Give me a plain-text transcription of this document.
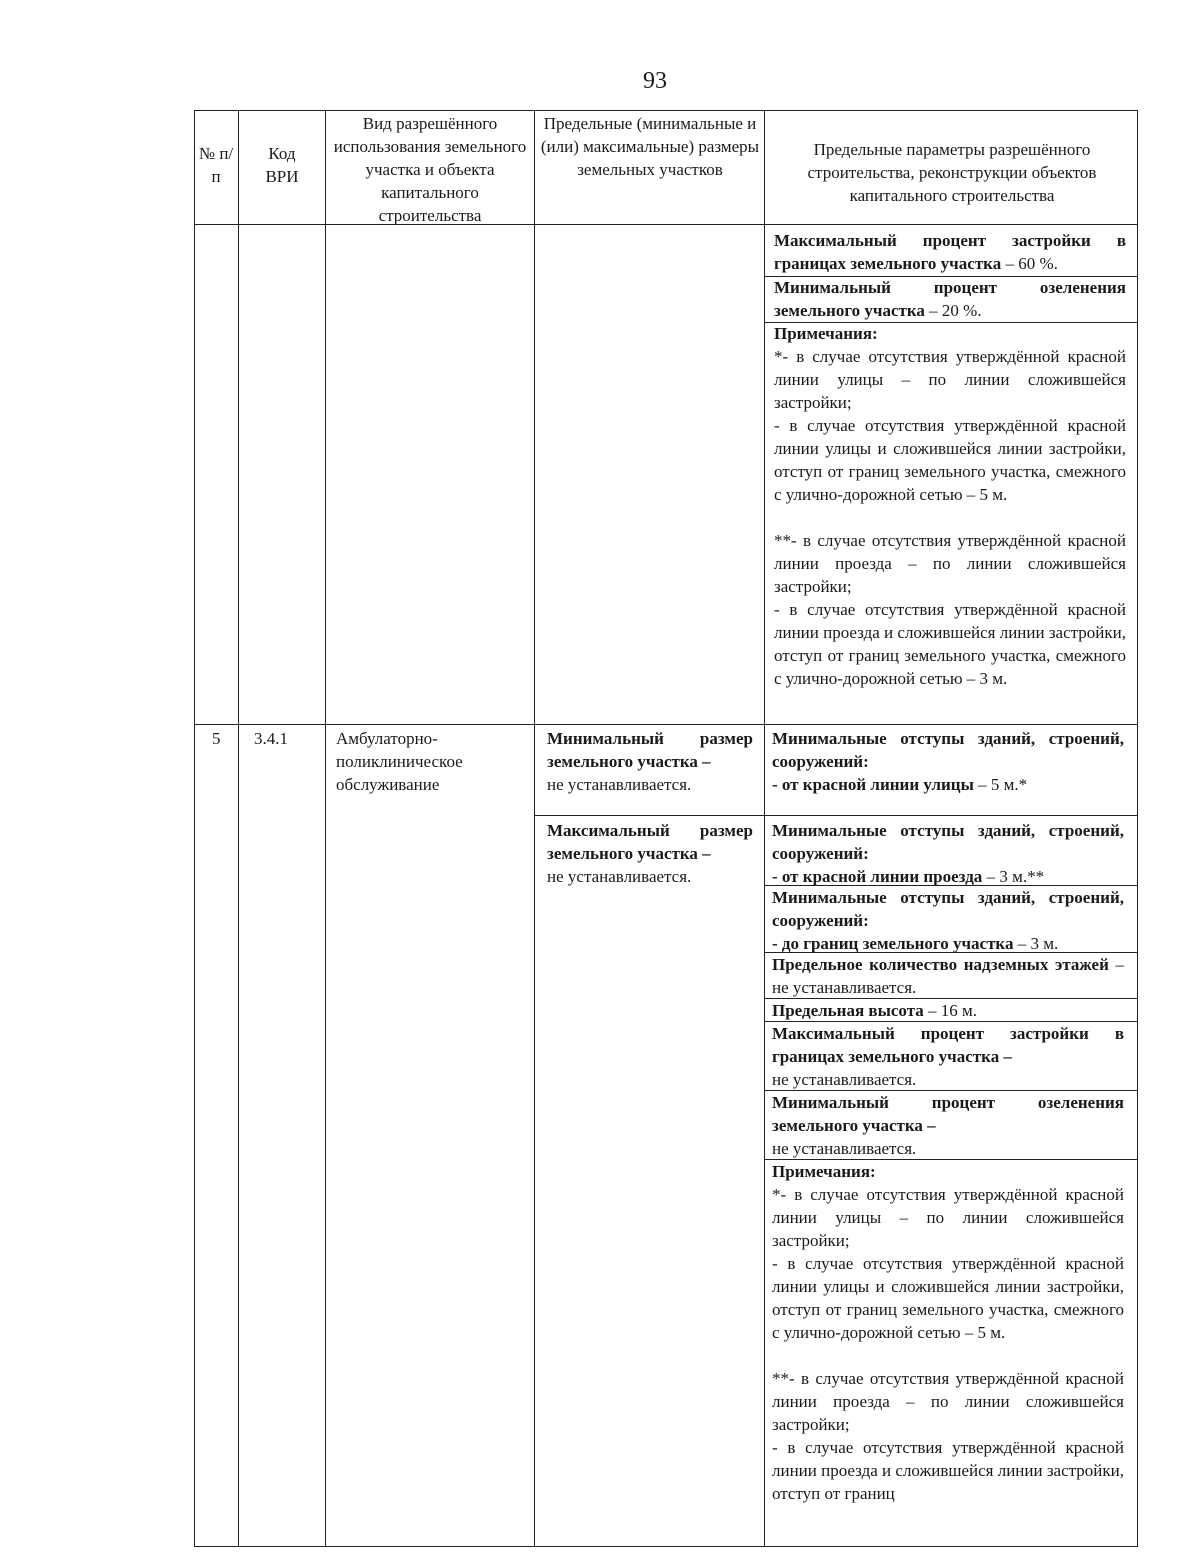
93
№ п/п
Код ВРИ
Вид разрешённого использования земельного участка и объекта капитального строительства
Предельные (минимальные и (или) максимальные) размеры земельных участков
Предельные параметры разрешённого строительства, реконструкции объектов капитального строительства
Максимальный процент застройки в границах земельного участка – 60 %.
Минимальный процент озеленения земельного участка – 20 %.

Примечания:

*- в случае отсутствия утверждённой красной линии улицы – по линии сложившейся застройки;

- в случае отсутствия утверждённой красной линии улицы и сложившейся линии застройки, отступ от границ земельного участка, смежного с улично-дорожной сетью – 5 м.

**- в случае отсутствия утверждённой красной линии проезда – по линии сложившейся застройки;

- в случае отсутствия утверждённой красной линии проезда и сложившейся линии застройки, отступ от границ земельного участка, смежного с улично-дорожной сетью – 3 м.

5	3.4.1	Амбулаторно-поликлиническое обслуживание
Минимальный размер земельного участка –
не устанавливается.
Максимальный размер земельного участка –
не устанавливается.
Минимальные отступы зданий, строений, сооружений:
- от красной линии улицы – 5 м.*
Минимальные отступы зданий, строений, сооружений:
- от красной линии проезда – 3 м.**
Минимальные отступы зданий, строений, сооружений:
- до границ земельного участка – 3 м.
Предельное количество надземных этажей – не устанавливается.
Предельная высота – 16 м.
Максимальный процент застройки в границах земельного участка –
не устанавливается.
Минимальный процент озеленения земельного участка –
не устанавливается.

Примечания:

*- в случае отсутствия утверждённой красной линии улицы – по линии сложившейся застройки;

- в случае отсутствия утверждённой красной линии улицы и сложившейся линии застройки, отступ от границ земельного участка, смежного с улично-дорожной сетью – 5 м.

**- в случае отсутствия утверждённой красной линии проезда – по линии сложившейся застройки;

- в случае отсутствия утверждённой красной линии проезда и сложившейся линии застройки, отступ от границ
